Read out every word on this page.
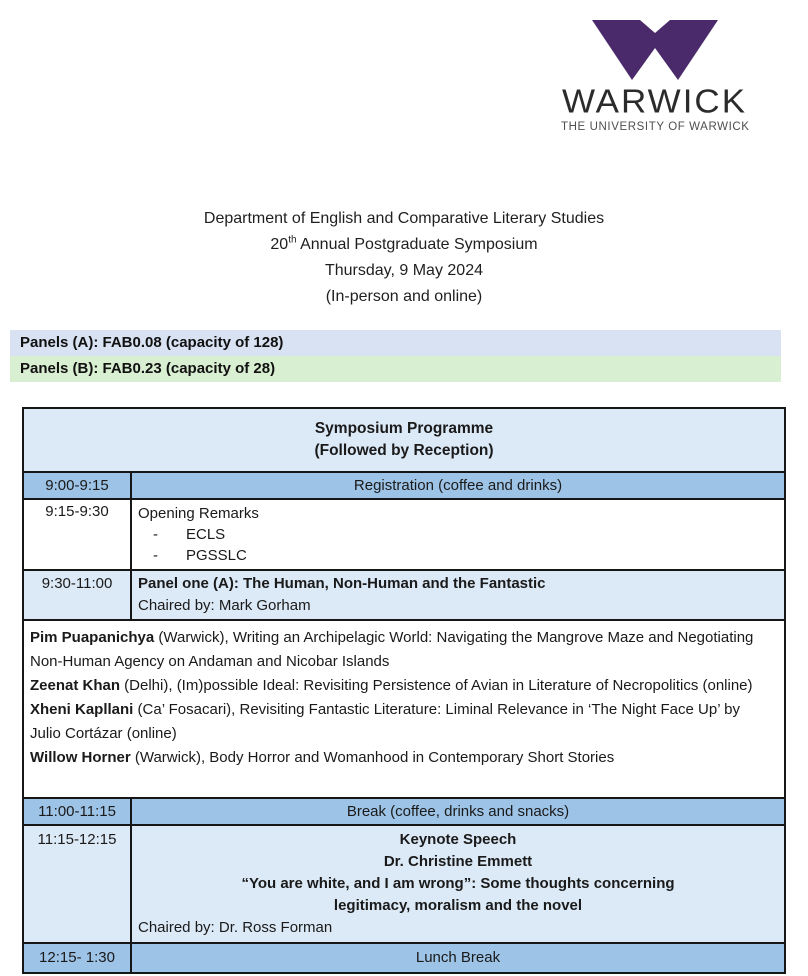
WARWICK
THE UNIVERSITY OF WARWICK
Department of English and Comparative Literary Studies
20th Annual Postgraduate Symposium
Thursday, 9 May 2024
(In-person and online)
Panels (A): FAB0.08 (capacity of 128)
Panels (B): FAB0.23 (capacity of 28)
Symposium Programme
(Followed by Reception)
9:00-9:15	Registration (coffee and drinks)
9:15-9:30	Opening Remarks
- ECLS
- PGSSLC
9:30-11:00	Panel one (A): The Human, Non-Human and the Fantastic
Chaired by: Mark Gorham
Pim Puapanichya (Warwick), Writing an Archipelagic World: Navigating the Mangrove Maze and Negotiating Non-Human Agency on Andaman and Nicobar Islands
Zeenat Khan (Delhi), (Im)possible Ideal: Revisiting Persistence of Avian in Literature of Necropolitics (online)
Xheni Kapllani (Ca’ Fosacari), Revisiting Fantastic Literature: Liminal Relevance in ‘The Night Face Up’ by Julio Cortázar (online)
Willow Horner (Warwick), Body Horror and Womanhood in Contemporary Short Stories
11:00-11:15	Break (coffee, drinks and snacks)
11:15-12:15	Keynote Speech
Dr. Christine Emmett
“You are white, and I am wrong”: Some thoughts concerning
legitimacy, moralism and the novel
Chaired by: Dr. Ross Forman
12:15- 1:30	Lunch Break
